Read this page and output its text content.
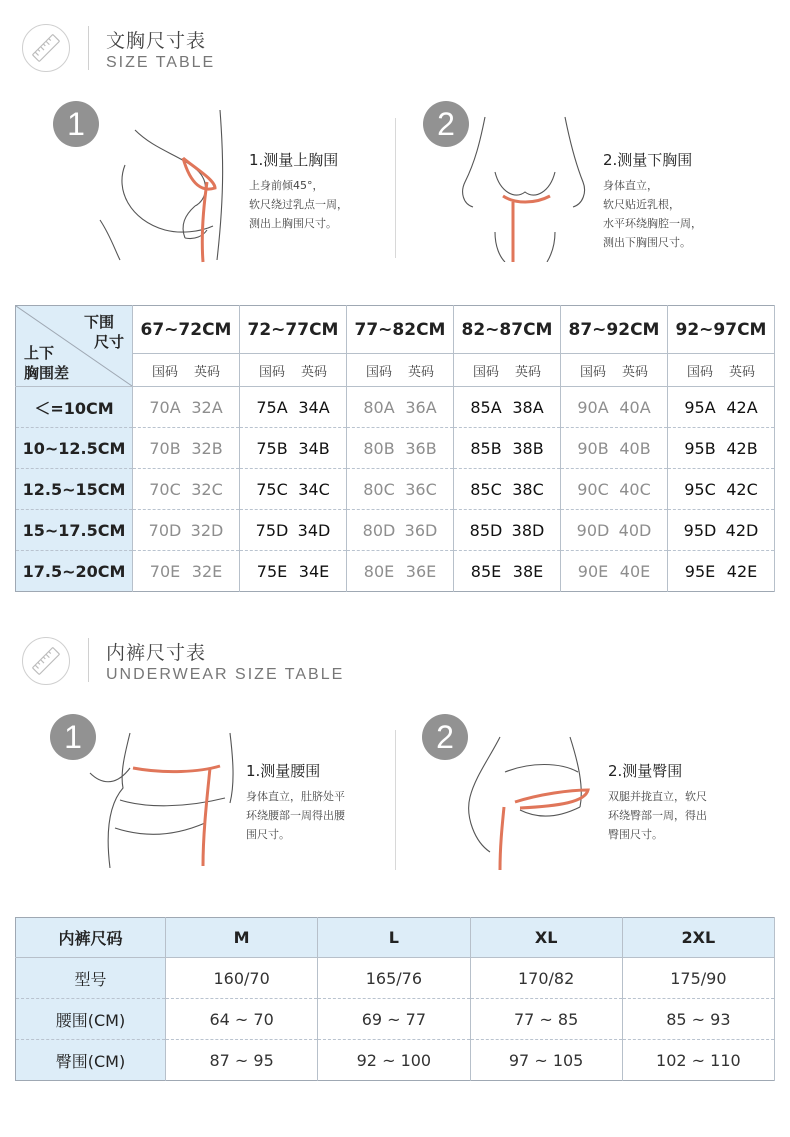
文胸尺寸表
SIZE TABLE
1
1.测量上胸围
上身前倾45°，
软尺绕过乳点一周，
测出上胸围尺寸。
2
2.测量下胸围
身体直立，
软尺贴近乳根，
水平环绕胸腔一周，
测出下胸围尺寸。
下围
尺寸
上下
胸围差	67~72CM	72~77CM	77~82CM	82~87CM	87~92CM	92~97CM
	国码 英码	国码 英码	国码 英码	国码 英码	国码 英码	国码 英码
＜=10CM	70A 32A	75A 34A	80A 36A	85A 38A	90A 40A	95A 42A
10~12.5CM	70B 32B	75B 34B	80B 36B	85B 38B	90B 40B	95B 42B
12.5~15CM	70C 32C	75C 34C	80C 36C	85C 38C	90C 40C	95C 42C
15~17.5CM	70D 32D	75D 34D	80D 36D	85D 38D	90D 40D	95D 42D
17.5~20CM	70E 32E	75E 34E	80E 36E	85E 38E	90E 40E	95E 42E
内裤尺寸表
UNDERWEAR SIZE TABLE
1
1.测量腰围
身体直立，肚脐处平
环绕腰部一周得出腰
围尺寸。
2
2.测量臀围
双腿并拢直立，软尺
环绕臀部一周，得出
臀围尺寸。
内裤尺码	M	L	XL	2XL
型号	160/70	165/76	170/82	175/90
腰围(CM)	64 ~ 70	69 ~ 77	77 ~ 85	85 ~ 93
臀围(CM)	87 ~ 95	92 ~ 100	97 ~ 105	102 ~ 110
